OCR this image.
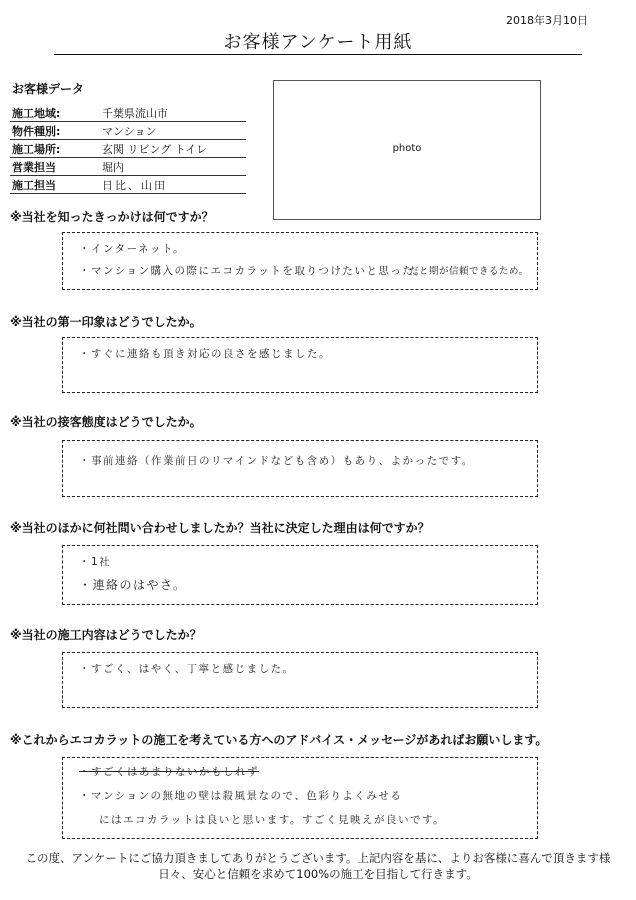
2018年3月10日
お客様アンケート用紙
お客様データ
施工地域:	千葉県流山市
物件種別:	マンション
施工場所:	玄関 リビング トイレ
営業担当	堀内
施工担当	日比、山田
photo
※当社を知ったきっかけは何ですか？
・インターネット。
・マンション購入の際にエコカラットを取りつけたいと思った。
だと期が信頼できるため。
※当社の第一印象はどうでしたか。
・すぐに連絡も頂き対応の良さを感じました。
※当社の接客態度はどうでしたか。
・事前連絡（作業前日のリマインドなども含め）もあり、よかったです。
※当社のほかに何社問い合わせしましたか？当社に決定した理由は何ですか？
・1社
・連絡のはやさ。
※当社の施工内容はどうでしたか？
・すごく、はやく、丁寧と感じました。
※これからエコカラットの施工を考えている方へのアドバイス・メッセージがあればお願いします。
・すごくはあまりないかもしれず
・マンションの無地の壁は殺風景なので、色彩りよくみせる
にはエコカラットは良いと思います。すごく見映えが良いです。
この度、アンケートにご協力頂きましてありがとうございます。上記内容を基に、よりお客様に喜んで頂きます様
日々、安心と信頼を求めて100%の施工を目指して行きます。
